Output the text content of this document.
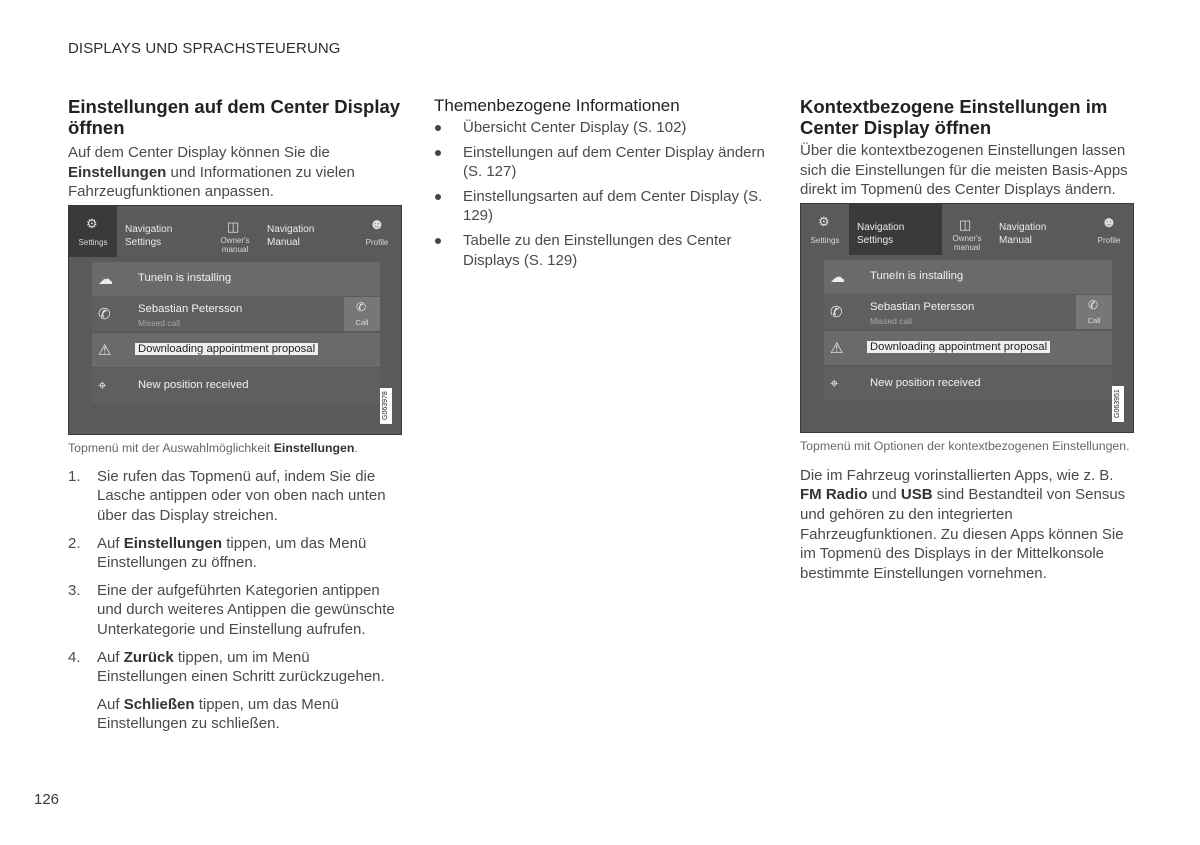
DISPLAYS UND SPRACHSTEUERUNG
Einstellungen auf dem Center Display öffnen

Auf dem Center Display können Sie die Einstellungen und Informationen zu vielen Fahrzeugfunktionen anpassen.

⚙
Settings
Navigation
Settings
◫
Owner's
manual
Navigation
Manual
☻
Profile
☁ TuneIn is installing
✆ Sebastian Petersson
Missed call
✆
Call
⚠ Downloading appointment proposal
⌖	New position received
G063978

Topmenü mit der Auswahlmöglichkeit Einstellungen.

1. Sie rufen das Topmenü auf, indem Sie die Lasche antippen oder von oben nach unten über das Display streichen.
2. Auf Einstellungen tippen, um das Menü Einstellungen zu öffnen.
3. Eine der aufgeführten Kategorien antippen und durch weiteres Antippen die gewünschte Unterkategorie und Einstellung aufrufen.
4. Auf Zurück tippen, um im Menü Einstellungen einen Schritt zurückzugehen.

Auf Schließen tippen, um das Menü Einstellungen zu schließen.

Themenbezogene Informationen
Übersicht Center Display (S. 102)
Einstellungen auf dem Center Display ändern (S. 127)
Einstellungsarten auf dem Center Display (S. 129)
Tabelle zu den Einstellungen des Center Displays (S. 129)
Kontextbezogene Einstellungen im Center Display öffnen

Über die kontextbezogenen Einstellungen lassen sich die Einstellungen für die meisten Basis-Apps direkt im Topmenü des Center Displays ändern.

⚙
Settings
Navigation
Settings
◫
Owner's
manual
Navigation
Manual
☻
Profile
☁ TuneIn is installing
✆ Sebastian Petersson
Missed call
✆
Call
⚠ Downloading appointment proposal
⌖	New position received
G063951

Topmenü mit Optionen der kontextbezogenen Einstellungen.

Die im Fahrzeug vorinstallierten Apps, wie z. B. FM Radio und USB sind Bestandteil von Sensus und gehören zu den integrierten Fahrzeugfunktionen. Zu diesen Apps können Sie im Topmenü des Displays in der Mittelkonsole bestimmte Einstellungen vornehmen.

126
